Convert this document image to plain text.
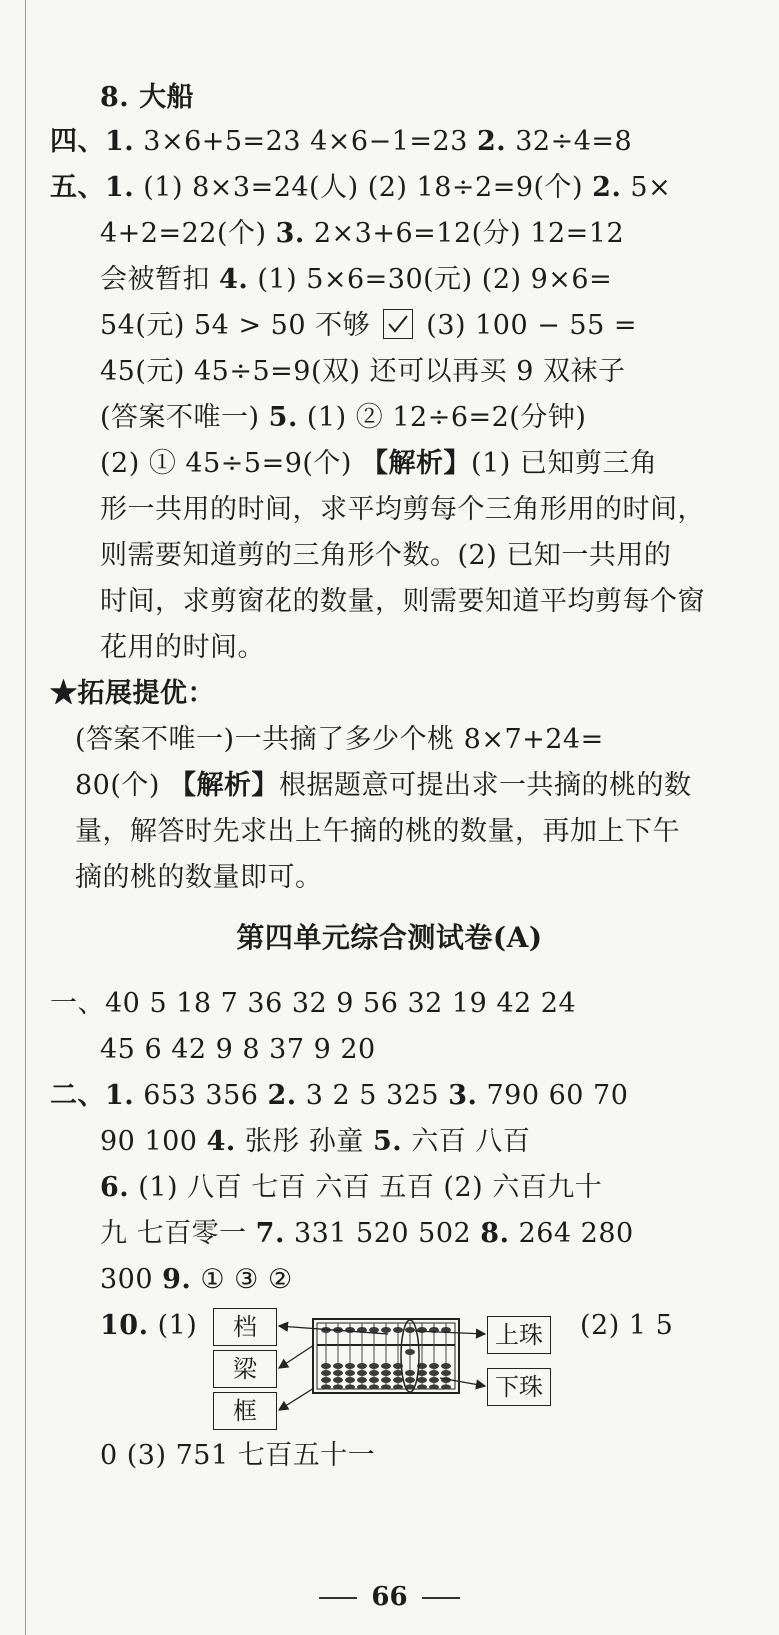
8. 大船
四、1. 3×6+5=23 4×6−1=23 2. 32÷4=8
五、1. (1) 8×3=24(人) (2) 18÷2=9(个) 2. 5×
4+2=22(个) 3. 2×3+6=12(分) 12=12
会被暂扣 4. (1) 5×6=30(元) (2) 9×6=
54(元) 54 > 50 不够
(3) 100 − 55 =
45(元) 45÷5=9(双) 还可以再买 9 双袜子
(答案不唯一) 5. (1) ② 12÷6=2(分钟)
(2) ① 45÷5=9(个) 【解析】(1) 已知剪三角
形一共用的时间，求平均剪每个三角形用的时间，
则需要知道剪的三角形个数。(2) 已知一共用的
时间，求剪窗花的数量，则需要知道平均剪每个窗
花用的时间。
★拓展提优：
(答案不唯一)一共摘了多少个桃 8×7+24=
80(个) 【解析】根据题意可提出求一共摘的桃的数
量，解答时先求出上午摘的桃的数量，再加上下午
摘的桃的数量即可。
第四单元综合测试卷(A)
一、40 5 18 7 36 32 9 56 32 19 42 24
45 6 42 9 8 37 9 20
二、1. 653 356 2. 3 2 5 325 3. 790 60 70
90 100 4. 张彤 孙童 5. 六百 八百
6. (1) 八百 七百 六百 五百 (2) 六百九十
九 七百零一 7. 331 520 502 8. 264 280
300 9. ① ③ ②
10. (1)	(2) 1 5
档
梁
框
上珠
下珠
0 (3) 751 七百五十一
66
